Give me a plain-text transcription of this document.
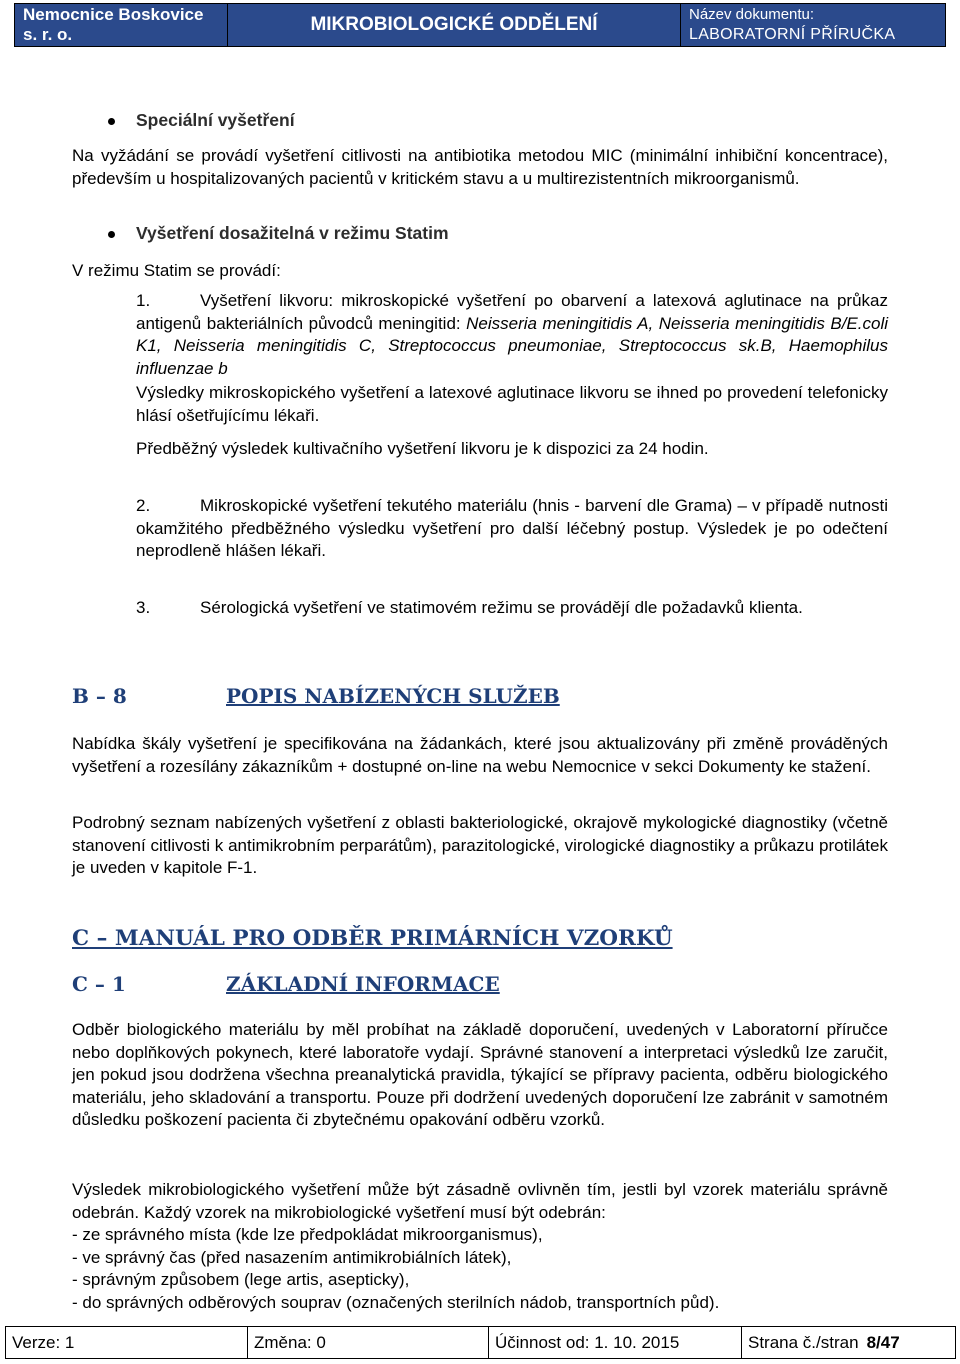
Nemocnice Boskovice s. r. o.	MIKROBIOLOGICKÉ ODDĚLENÍ	Název dokumentu:
LABORATORNÍ PŘÍRUČKA
Speciální vyšetření

Na vyžádání se provádí vyšetření citlivosti na antibiotika metodou MIC (minimální inhibiční koncentrace), především u hospitalizovaných pacientů v kritickém stavu a u multirezistentních mikroorganismů.

Vyšetření dosažitelná v režimu Statim

V režimu Statim se provádí:

1.	Vyšetření likvoru: mikroskopické vyšetření po obarvení a latexová aglutinace na průkaz antigenů bakteriálních původců meningitid: Neisseria meningitidis A, Neisseria meningitidis B/E.coli K1, Neisseria meningitidis C, Streptococcus pneumoniae, Streptococcus sk.B, Haemophilus influenzae b
Výsledky mikroskopického vyšetření a latexové aglutinace likvoru se ihned po provedení telefonicky hlásí ošetřujícímu lékaři.
Předběžný výsledek kultivačního vyšetření likvoru je k dispozici za 24 hodin.
2.	Mikroskopické vyšetření tekutého materiálu (hnis - barvení dle Grama) – v případě nutnosti okamžitého předběžného výsledku vyšetření pro další léčebný postup. Výsledek je po odečtení neprodleně hlášen lékaři.
3.	Sérologická vyšetření ve statimovém režimu se provádějí dle požadavků klienta.
B – 8	POPIS NABÍZENÝCH SLUŽEB

Nabídka škály vyšetření je specifikována na žádankách, které jsou aktualizovány při změně prováděných vyšetření a rozesílány zákazníkům + dostupné on-line na webu Nemocnice v sekci Dokumenty ke stažení.

Podrobný seznam nabízených vyšetření z oblasti bakteriologické, okrajově mykologické diagnostiky (včetně stanovení citlivosti k antimikrobním perparátům), parazitologické, virologické diagnostiky a průkazu protilátek je uveden v kapitole F-1.

C – MANUÁL PRO ODBĚR PRIMÁRNÍCH VZORKŮ
C – 1	ZÁKLADNÍ INFORMACE

Odběr biologického materiálu by měl probíhat na základě doporučení, uvedených v Laboratorní příručce nebo doplňkových pokynech, které laboratoře vydají. Správné stanovení a interpretaci výsledků lze zaručit, jen pokud jsou dodržena všechna preanalytická pravidla, týkající se přípravy pacienta, odběru biologického materiálu, jeho skladování a transportu. Pouze při dodržení uvedených doporučení lze zabránit v samotném důsledku poškození pacienta či zbytečnému opakování odběru vzorků.

Výsledek mikrobiologického vyšetření může být zásadně ovlivněn tím, jestli byl vzorek materiálu správně odebrán. Každý vzorek na mikrobiologické vyšetření musí být odebrán:

- ze správného místa (kde lze předpokládat mikroorganismus),
- ve správný čas (před nasazením antimikrobiálních látek),
- správným způsobem (lege artis, asepticky),
- do správných odběrových souprav (označených sterilních nádob, transportních půd).
Verze: 1	Změna: 0	Účinnost od: 1. 10. 2015	Strana č./stran 8/47
